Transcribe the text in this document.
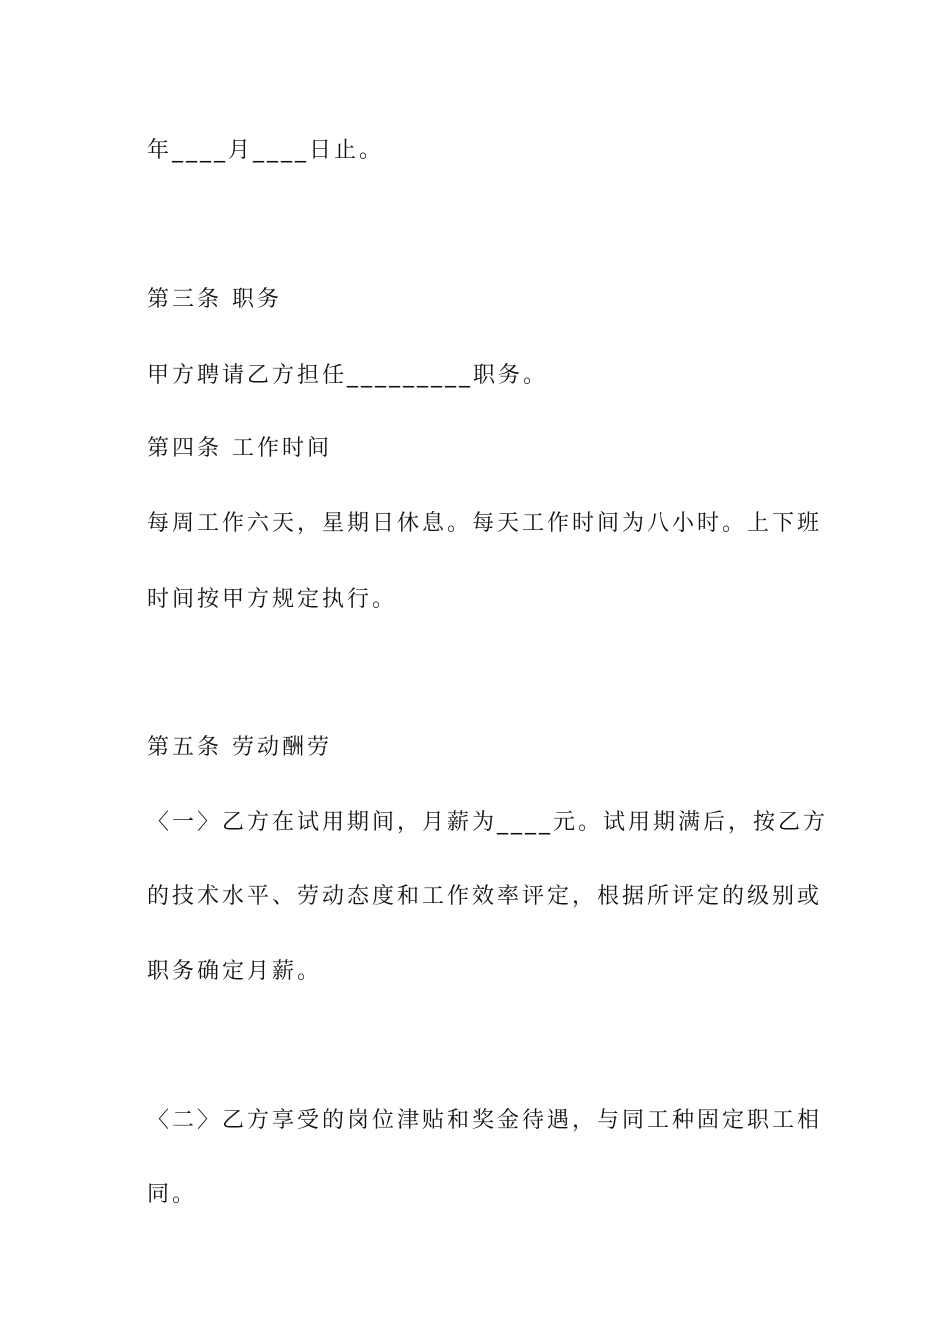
年____月____日止。

第三条 职务

甲方聘请乙方担任_________职务。

第四条 工作时间

每周工作六天，星期日休息。每天工作时间为八小时。上下班

时间按甲方规定执行。

第五条 劳动酬劳

〈一〉乙方在试用期间，月薪为____元。试用期满后，按乙方

的技术水平、劳动态度和工作效率评定，根据所评定的级别或

职务确定月薪。

〈二〉乙方享受的岗位津贴和奖金待遇，与同工种固定职工相

同。
